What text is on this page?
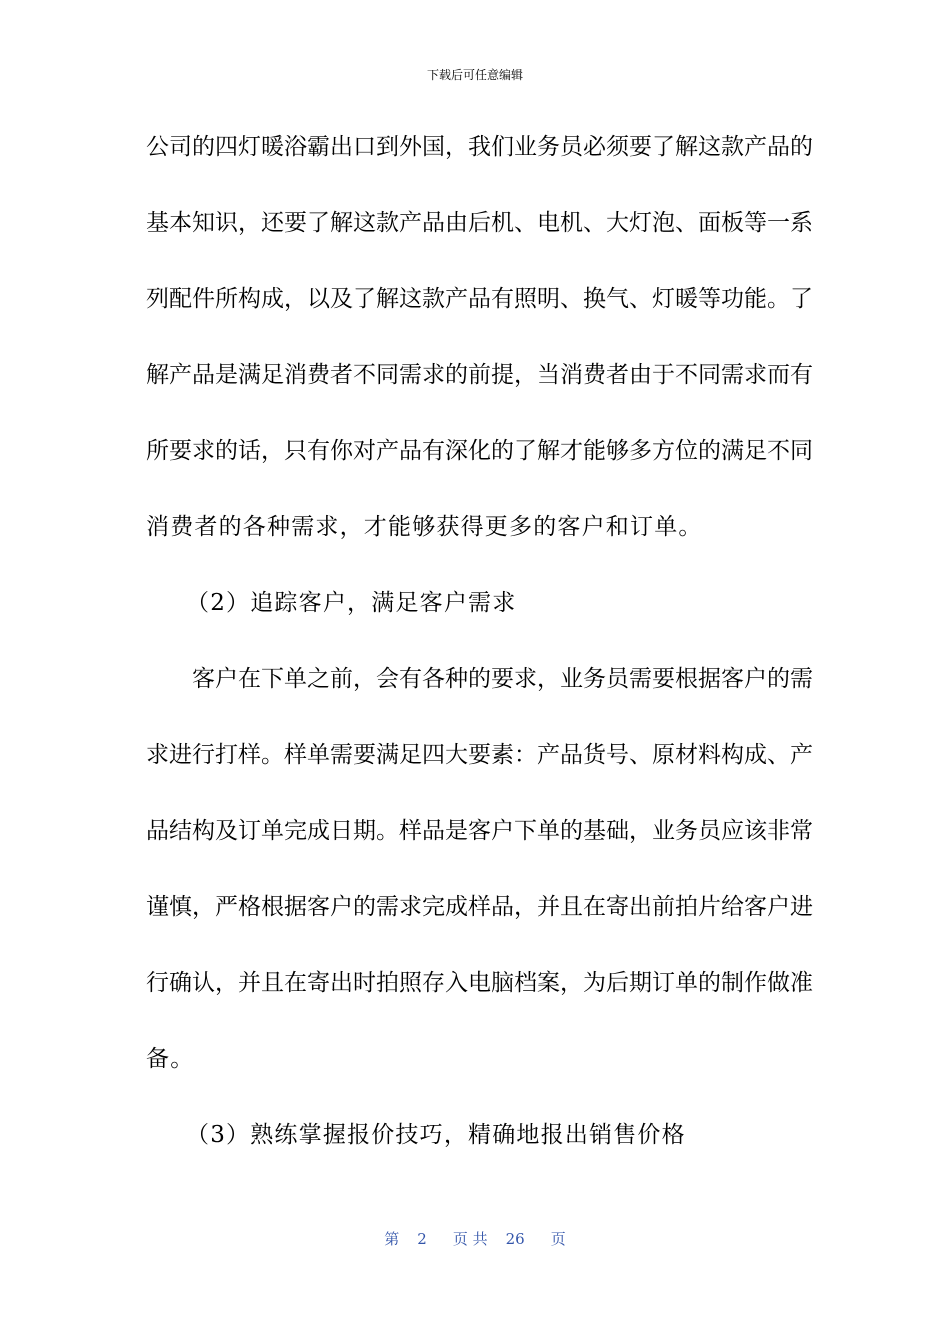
下载后可任意编辑
公司的四灯暖浴霸出口到外国，我们业务员必须要了解这款产品的
基本知识，还要了解这款产品由后机、电机、大灯泡、面板等一系
列配件所构成，以及了解这款产品有照明、换气、灯暖等功能。了
解产品是满足消费者不同需求的前提，当消费者由于不同需求而有
所要求的话，只有你对产品有深化的了解才能够多方位的满足不同
消费者的各种需求，才能够获得更多的客户和订单。
（2）追踪客户，满足客户需求
客户在下单之前，会有各种的要求，业务员需要根据客户的需
求进行打样。样单需要满足四大要素：产品货号、原材料构成、产
品结构及订单完成日期。样品是客户下单的基础，业务员应该非常
谨慎，严格根据客户的需求完成样品，并且在寄出前拍片给客户进
行确认，并且在寄出时拍照存入电脑档案，为后期订单的制作做准
备。
（3）熟练掌握报价技巧，精确地报出销售价格
第 2 页 共 26 页
